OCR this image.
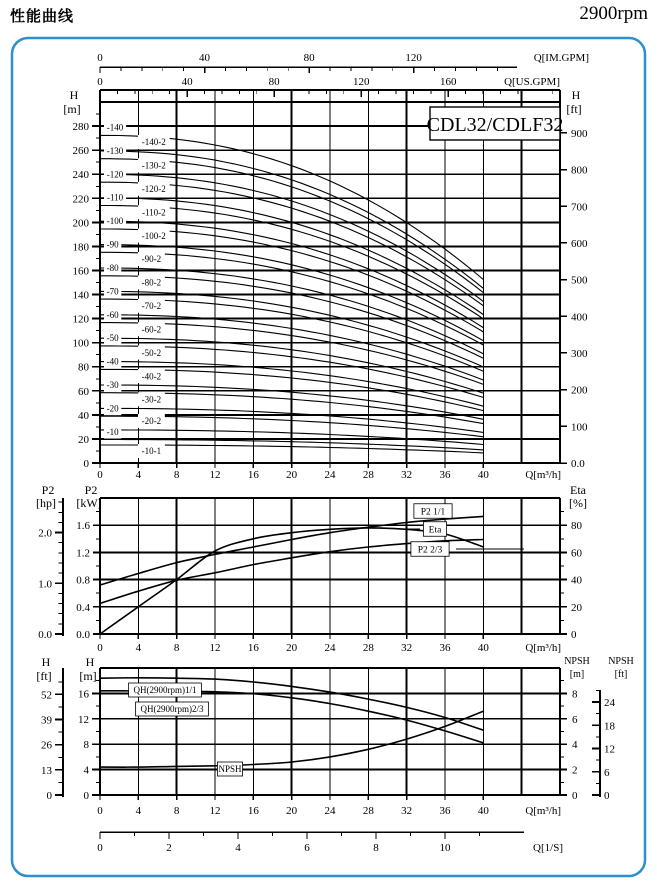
性能曲线	2900rpm
-140
-140-2
-130
-130-2
-120
-120-2
-110
-110-2
-100
-100-2
-90
-90-2
-80
-80-2
-70
-70-2
-60
-60-2
-50
-50-2
-40
-40-2
-30
-30-2
-20
-20-2
-10
-10-1
CDL32/CDLF32
0
20
40
60
80
100
120
140
160
180
200
220
240
260
280
H
[m]
0.0
100
200
300
400
500
600
700
800
900
H
[ft]
0	40	80	120	Q[IM.GPM]
0	40	80	120	160	Q[US.GPM]
0	4	8	12 16 20 24 28 32 36 40	Q[m³/h]
P2 1/1
Eta
P2 2/3
0.0
0.4
0.8
1.2
1.6
P2
[kW]
0.0
1.0
2.0
P2
[hp]
0
20
40
60
80
Eta
[%]
0	4	8	12 16 20 24 28 32 36 40	Q[m³/h]
QH(2900rpm)1/1
QH(2900rpm)2/3
NPSH
0
4
8
12
16
H
[m]
0
13
26
39
52
H
[ft]
0
2
4
6
8
NPSH
[m]
0
6
12
18
24
NPSH
[ft]
0	4	8	12 16 20 24 28 32 36 40	Q[m³/h]
0	2	4	6	8	10	Q[1/S]
